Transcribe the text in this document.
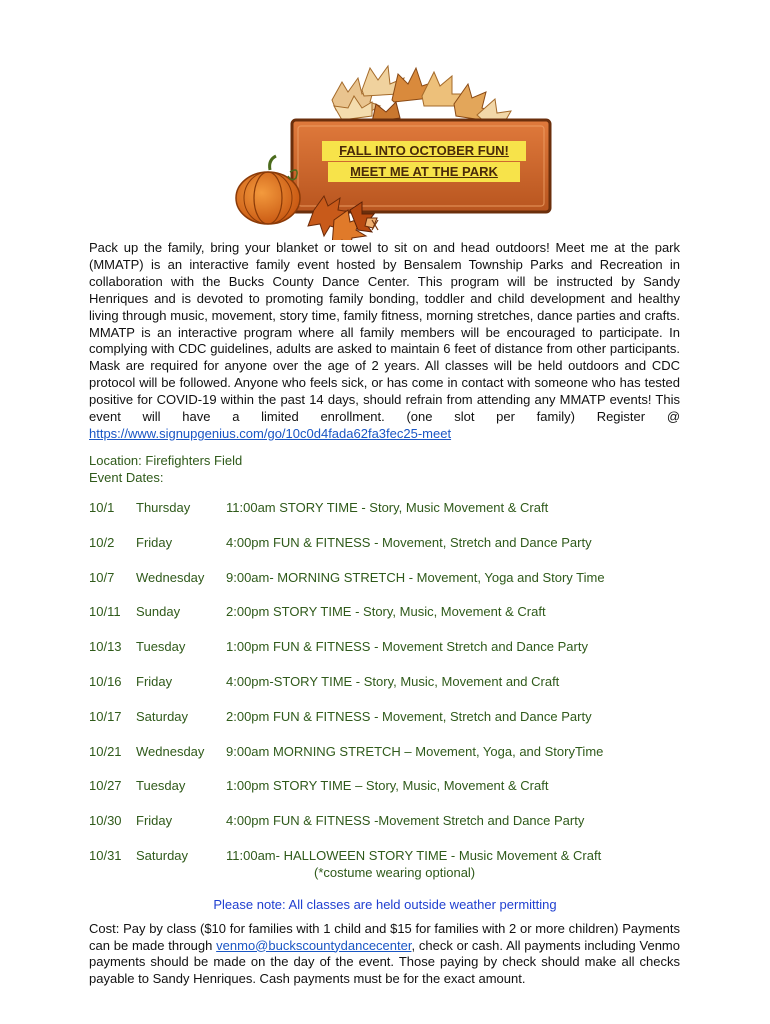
FALL INTO OCTOBER FUN!
MEET ME AT THE PARK

Pack up the family, bring your blanket or towel to sit on and head outdoors! Meet me at the park (MMATP) is an interactive family event hosted by Bensalem Township Parks and Recreation in collaboration with the Bucks County Dance Center. This program will be instructed by Sandy Henriques and is devoted to promoting family bonding, toddler and child development and healthy living through music, movement, story time, family fitness, morning stretches, dance parties and crafts. MMATP is an interactive program where all family members will be encouraged to participate. In complying with CDC guidelines, adults are asked to maintain 6 feet of distance from other participants. Mask are required for anyone over the age of 2 years. All classes will be held outdoors and CDC protocol will be followed. Anyone who feels sick, or has come in contact with someone who has tested positive for COVID-19 within the past 14 days, should refrain from attending any MMATP events! This event will have a limited enrollment. (one slot per family) Register @ https://www.signupgenius.com/go/10c0d4fada62fa3fec25-meet

Location: Firefighters Field
Event Dates:
10/1 Thursday	11:00am STORY TIME - Story, Music Movement & Craft
10/2 Friday	4:00pm FUN & FITNESS - Movement, Stretch and Dance Party
10/7 Wednesday 9:00am- MORNING STRETCH - Movement, Yoga and Story Time
10/11 Sunday	2:00pm STORY TIME - Story, Music, Movement & Craft
10/13 Tuesday	1:00pm FUN & FITNESS - Movement Stretch and Dance Party
10/16 Friday	4:00pm-STORY TIME - Story, Music, Movement and Craft
10/17 Saturday	2:00pm FUN & FITNESS - Movement, Stretch and Dance Party
10/21 Wednesday 9:00am MORNING STRETCH – Movement, Yoga, and StoryTime
10/27 Tuesday	1:00pm STORY TIME – Story, Music, Movement & Craft
10/30 Friday	4:00pm FUN & FITNESS -Movement Stretch and Dance Party
10/31 Saturday	11:00am- HALLOWEEN STORY TIME - Music Movement & Craft
(*costume wearing optional)
Please note: All classes are held outside weather permitting

Cost: Pay by class ($10 for families with 1 child and $15 for families with 2 or more children) Payments can be made through venmo@buckscountydancecenter, check or cash. All payments including Venmo payments should be made on the day of the event. Those paying by check should make all checks payable to Sandy Henriques. Cash payments must be for the exact amount.
